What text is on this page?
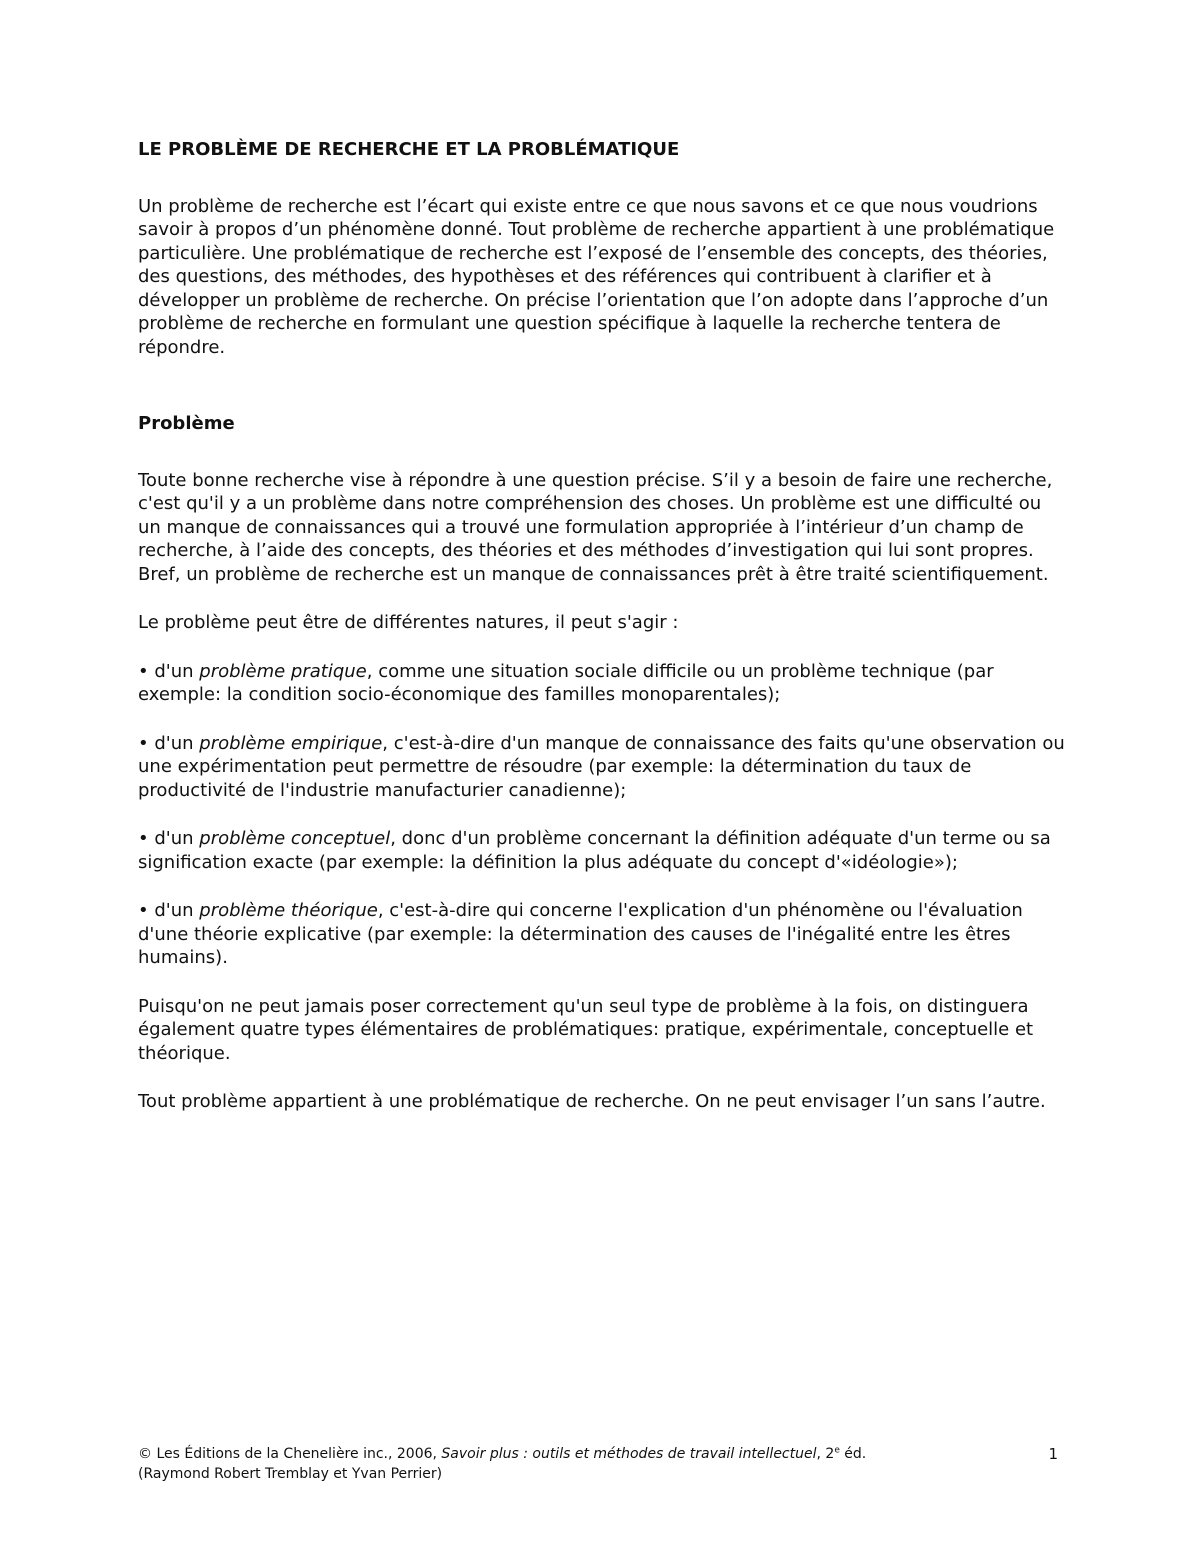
LE PROBLÈME DE RECHERCHE ET LA PROBLÉMATIQUE

Un problème de recherche est l’écart qui existe entre ce que nous savons et ce que nous voudrions savoir à propos d’un phénomène donné. Tout problème de recherche appartient à une problématique particulière. Une problématique de recherche est l’exposé de l’ensemble des concepts, des théories, des questions, des méthodes, des hypothèses et des références qui contribuent à clarifier et à développer un problème de recherche. On précise l’orientation que l’on adopte dans l’approche d’un problème de recherche en formulant une question spécifique à laquelle la recherche tentera de répondre.

Problème

Toute bonne recherche vise à répondre à une question précise. S’il y a besoin de faire une recherche, c'est qu'il y a un problème dans notre compréhension des choses. Un problème est une difficulté ou un manque de connaissances qui a trouvé une formulation appropriée à l’intérieur d’un champ de recherche, à l’aide des concepts, des théories et des méthodes d’investigation qui lui sont propres. Bref, un problème de recherche est un manque de connaissances prêt à être traité scientifiquement.

Le problème peut être de différentes natures, il peut s'agir :

• d'un problème pratique, comme une situation sociale difficile ou un problème technique (par exemple: la condition socio-économique des familles monoparentales);

• d'un problème empirique, c'est-à-dire d'un manque de connaissance des faits qu'une observation ou une expérimentation peut permettre de résoudre (par exemple: la détermination du taux de productivité de l'industrie manufacturier canadienne);

• d'un problème conceptuel, donc d'un problème concernant la définition adéquate d'un terme ou sa signification exacte (par exemple: la définition la plus adéquate du concept d'«idéologie»);

• d'un problème théorique, c'est-à-dire qui concerne l'explication d'un phénomène ou l'évaluation d'une théorie explicative (par exemple: la détermination des causes de l'inégalité entre les êtres humains).

Puisqu'on ne peut jamais poser correctement qu'un seul type de problème à la fois, on distinguera également quatre types élémentaires de problématiques: pratique, expérimentale, conceptuelle et théorique.

Tout problème appartient à une problématique de recherche. On ne peut envisager l’un sans l’autre.

© Les Éditions de la Chenelière inc., 2006, Savoir plus : outils et méthodes de travail intellectuel, 2e éd.
(Raymond Robert Tremblay et Yvan Perrier)
1
